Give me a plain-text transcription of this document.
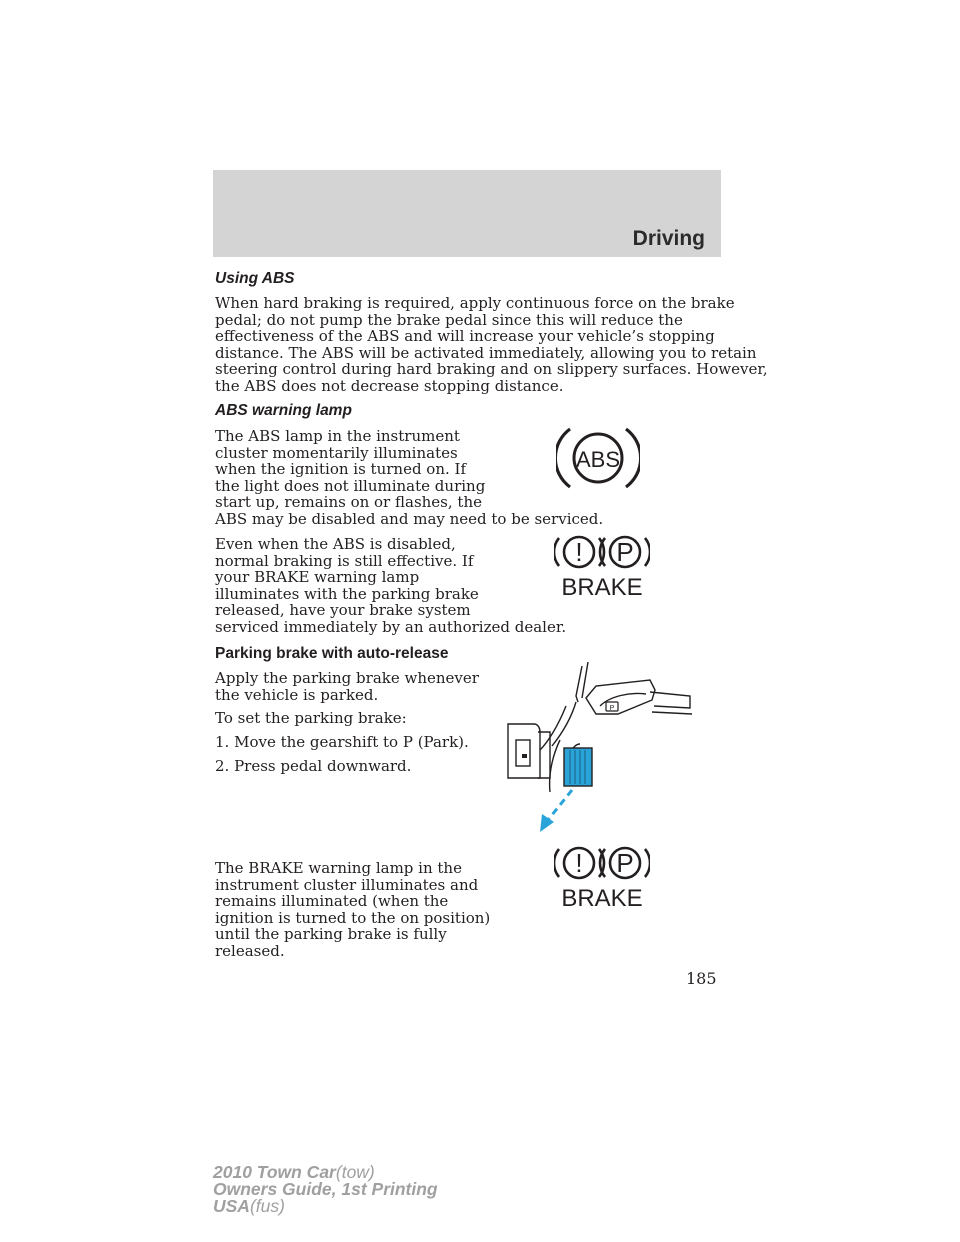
Driving
Using ABS
When hard braking is required, apply continuous force on the brake
pedal; do not pump the brake pedal since this will reduce the
effectiveness of the ABS and will increase your vehicle’s stopping
distance. The ABS will be activated immediately, allowing you to retain
steering control during hard braking and on slippery surfaces. However,
the ABS does not decrease stopping distance.
ABS warning lamp
The ABS lamp in the instrument
cluster momentarily illuminates
when the ignition is turned on. If
the light does not illuminate during
start up, remains on or flashes, the
ABS may be disabled and may need to be serviced.
ABS
Even when the ABS is disabled,
normal braking is still effective. If
your BRAKE warning lamp
illuminates with the parking brake
released, have your brake system
serviced immediately by an authorized dealer.
! P
BRAKE
Parking brake with auto-release
Apply the parking brake whenever
the vehicle is parked.
To set the parking brake:
1. Move the gearshift to P (Park).
2. Press pedal downward.
P
The BRAKE warning lamp in the
instrument cluster illuminates and
remains illuminated (when the
ignition is turned to the on position)
until the parking brake is fully
released.
! P
BRAKE
185
2010 Town Car(tow)
Owners Guide, 1st Printing
USA(fus)
